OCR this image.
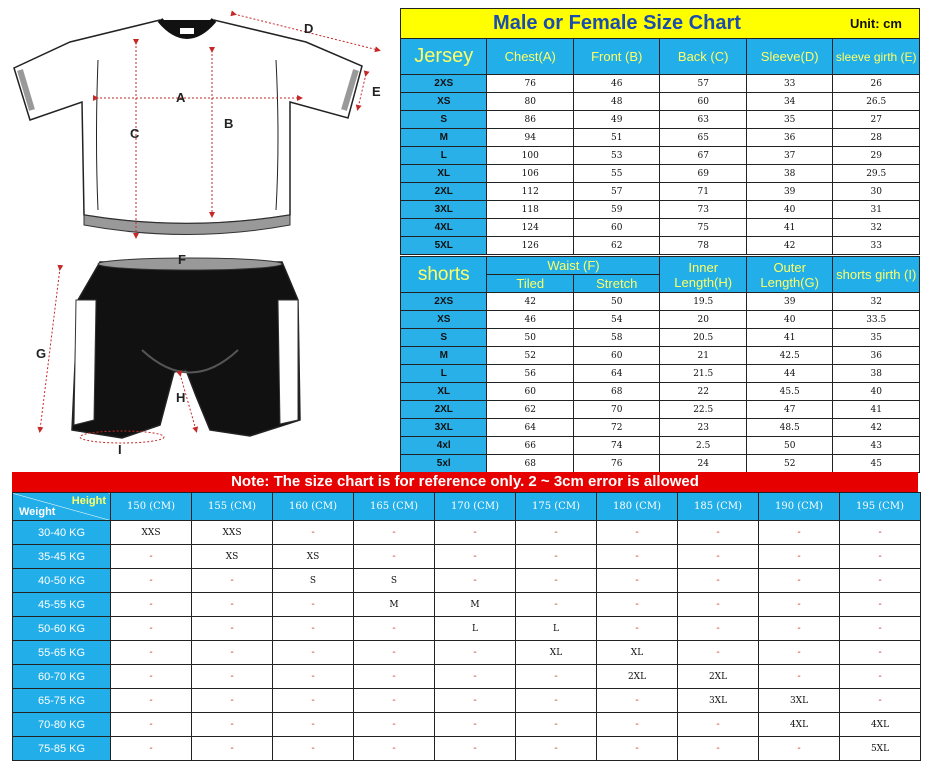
A
B
C
D
E
F
G
H
I
Male or Female Size Chart					Unit: cm
Jersey	Chest(A)	Front (B)	Back (C)	Sleeve(D)	sleeve girth (E)
2XS	76	46	57	33	26
XS	80	48	60	34	26.5
S	86	49	63	35	27
M	94	51	65	36	28
L	100	53	67	37	29
XL	106	55	69	38	29.5
2XL	112	57	71	39	30
3XL	118	59	73	40	31
4XL	124	60	75	41	32
5XL	126	62	78	42	33
shorts	Waist (F)		Inner Length(H)	Outer Length(G)	shorts girth (I)
	Tiled	Stretch			
2XS	42	50	19.5	39	32
XS	46	54	20	40	33.5
S	50	58	20.5	41	35
M	52	60	21	42.5	36
L	56	64	21.5	44	38
XL	60	68	22	45.5	40
2XL	62	70	22.5	47	41
3XL	64	72	23	48.5	42
4xl	66	74	2.5	50	43
5xl	68	76	24	52	45
Note: The size chart is for reference only. 2 ~ 3cm error is allowed
Height
Weight	150 (CM)	155 (CM)	160 (CM)	165 (CM)	170 (CM)	175 (CM)	180 (CM)	185 (CM)	190 (CM)	195 (CM)
30-40 KG	XXS	XXS	-	-	-	-	-	-	-	-
35-45 KG	-	XS	XS	-	-	-	-	-	-	-
40-50 KG	-	-	S	S	-	-	-	-	-	-
45-55 KG	-	-	-	M	M	-	-	-	-	-
50-60 KG	-	-	-	-	L	L	-	-	-	-
55-65 KG	-	-	-	-	-	XL	XL	-	-	-
60-70 KG	-	-	-	-	-	-	2XL	2XL	-	-
65-75 KG	-	-	-	-	-	-	-	3XL	3XL	-
70-80 KG	-	-	-	-	-	-	-	-	4XL	4XL
75-85 KG	-	-	-	-	-	-	-	-	-	5XL
